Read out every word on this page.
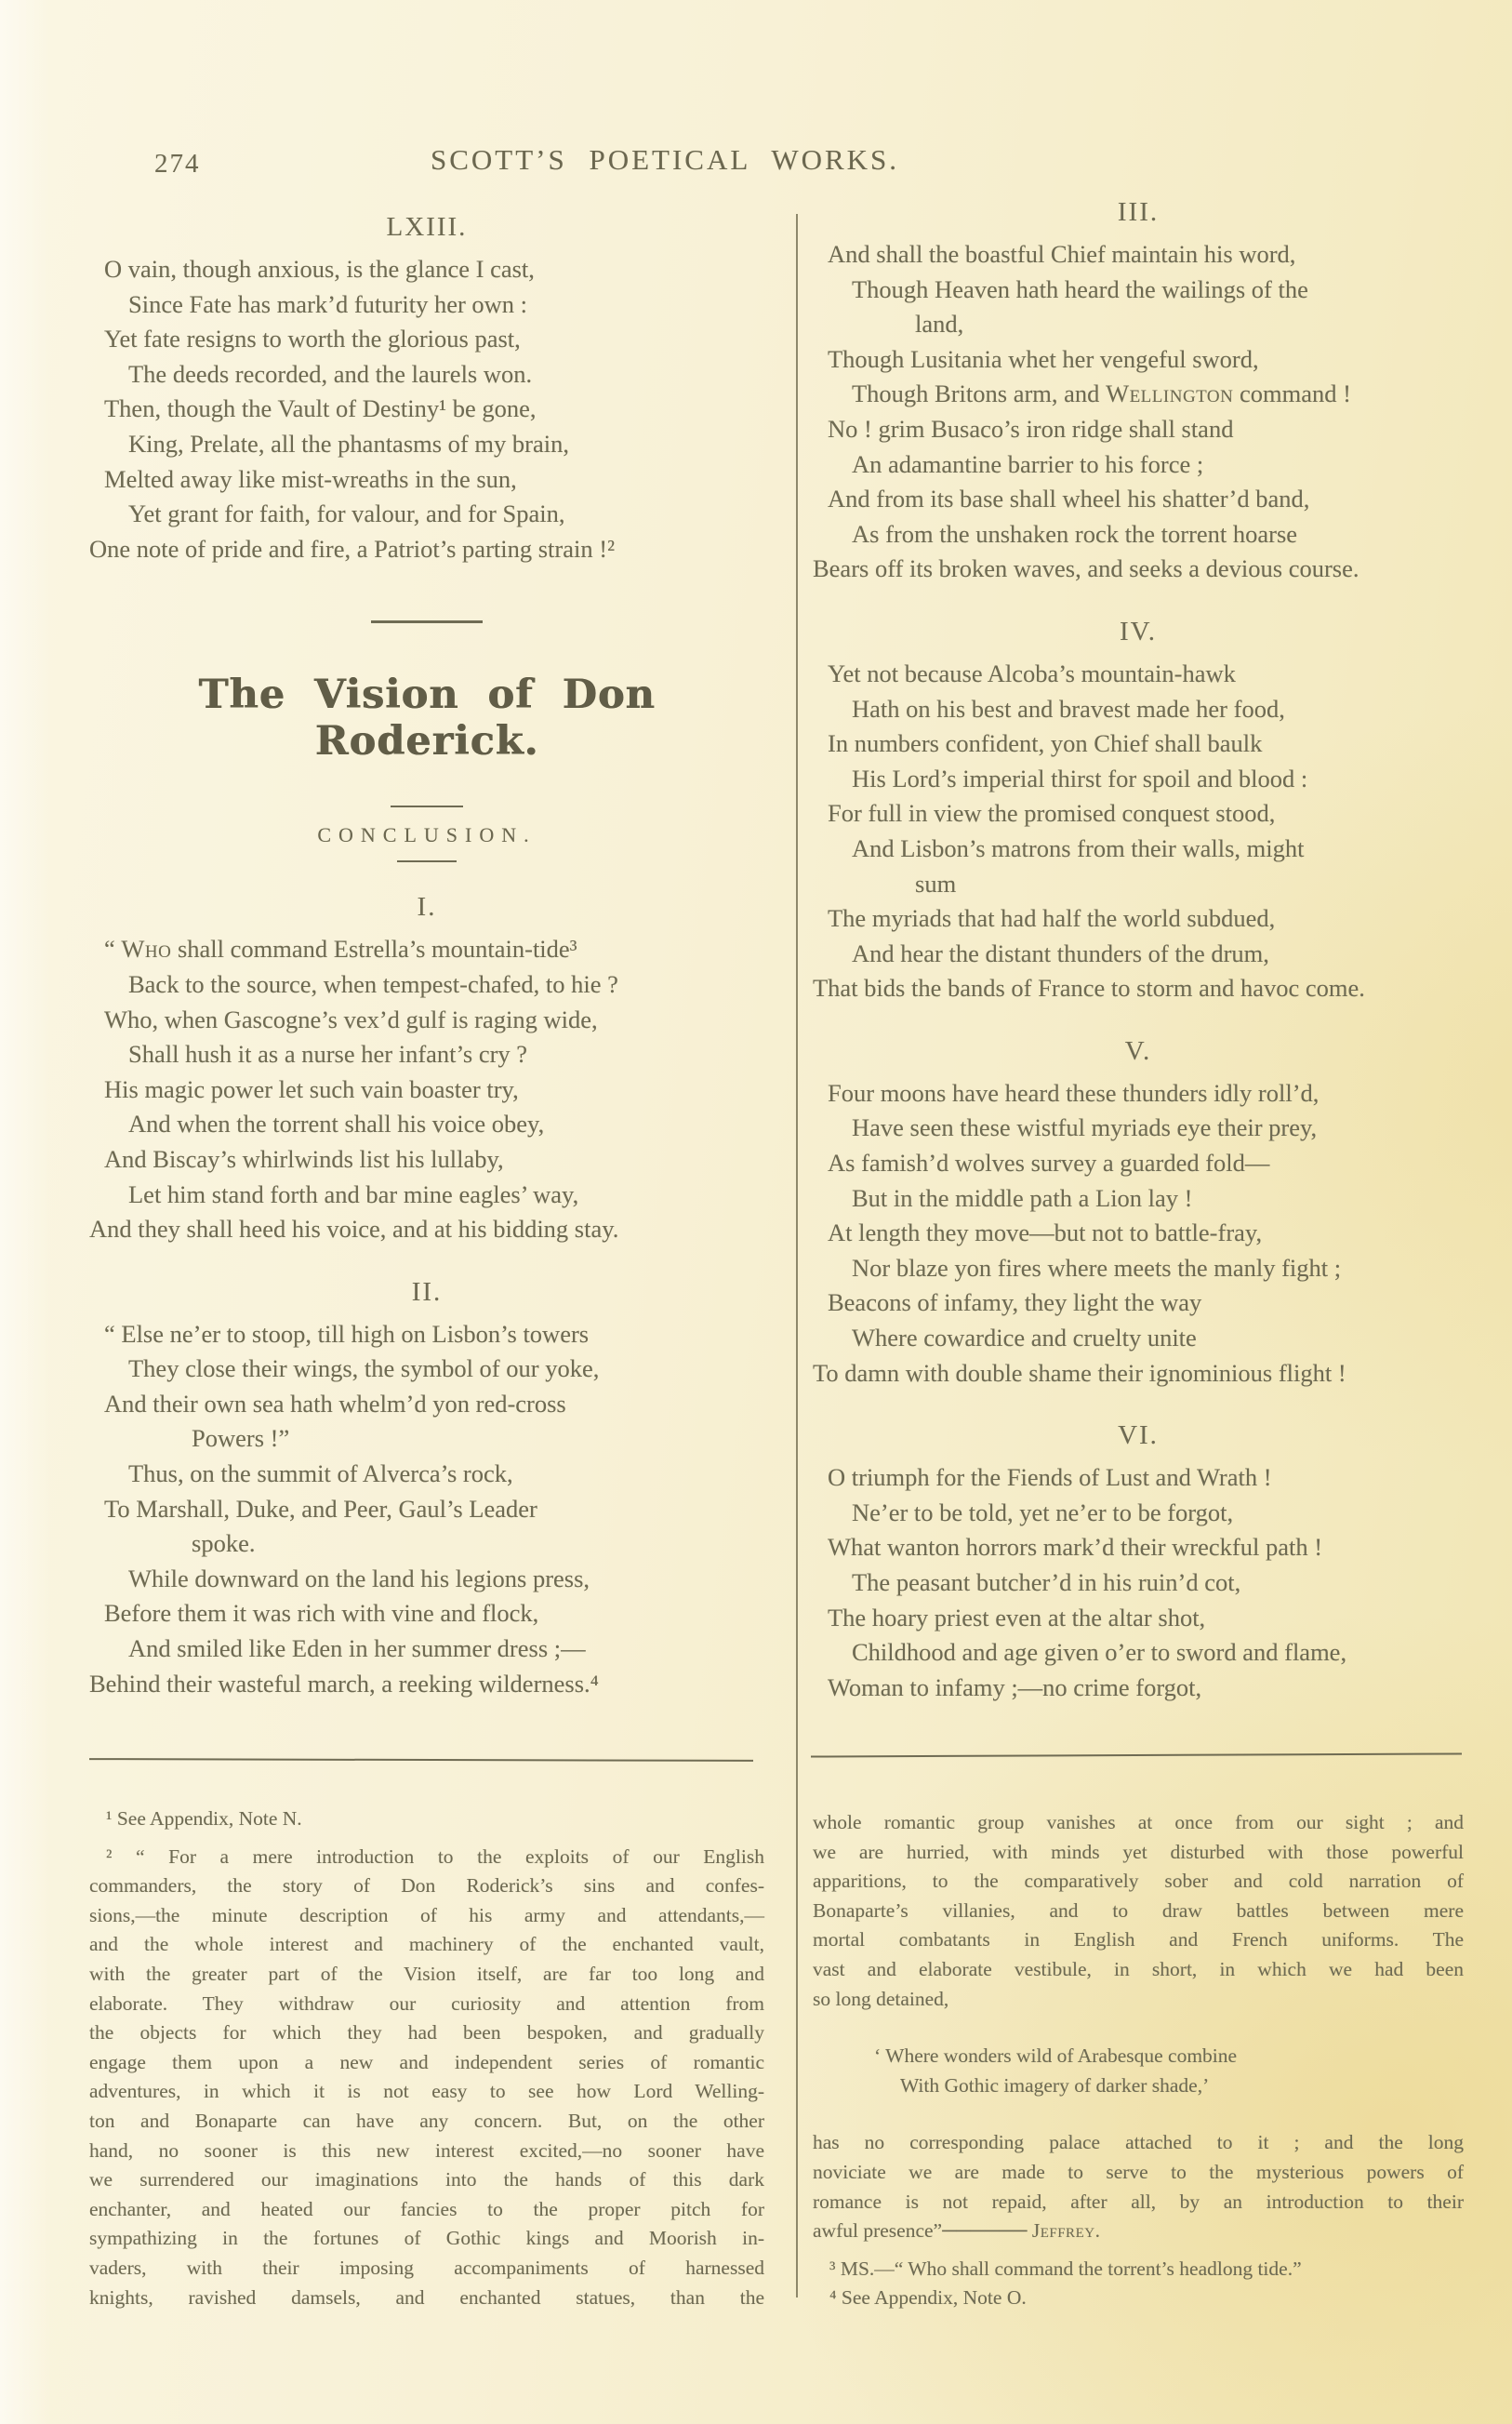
274	SCOTT’S POETICAL WORKS.
LXIII.
O vain, though anxious, is the glance I cast,
Since Fate has mark’d futurity her own :
Yet fate resigns to worth the glorious past,
The deeds recorded, and the laurels won.
Then, though the Vault of Destiny¹ be gone,
King, Prelate, all the phantasms of my brain,
Melted away like mist-wreaths in the sun,
Yet grant for faith, for valour, and for Spain,
One note of pride and fire, a Patriot’s parting strain !²
The Vision of Don Roderick.
CONCLUSION.
I.
“ Who shall command Estrella’s mountain-tide³
Back to the source, when tempest-chafed, to hie ?
Who, when Gascogne’s vex’d gulf is raging wide,
Shall hush it as a nurse her infant’s cry ?
His magic power let such vain boaster try,
And when the torrent shall his voice obey,
And Biscay’s whirlwinds list his lullaby,
Let him stand forth and bar mine eagles’ way,
And they shall heed his voice, and at his bidding stay.
II.
“ Else ne’er to stoop, till high on Lisbon’s towers
They close their wings, the symbol of our yoke,
And their own sea hath whelm’d yon red-cross
Powers !”
Thus, on the summit of Alverca’s rock,
To Marshall, Duke, and Peer, Gaul’s Leader
spoke.
While downward on the land his legions press,
Before them it was rich with vine and flock,
And smiled like Eden in her summer dress ;—
Behind their wasteful march, a reeking wilderness.⁴
III.
And shall the boastful Chief maintain his word,
Though Heaven hath heard the wailings of the
land,
Though Lusitania whet her vengeful sword,
Though Britons arm, and Wellington command !
No ! grim Busaco’s iron ridge shall stand
An adamantine barrier to his force ;
And from its base shall wheel his shatter’d band,
As from the unshaken rock the torrent hoarse
Bears off its broken waves, and seeks a devious course.
IV.
Yet not because Alcoba’s mountain-hawk
Hath on his best and bravest made her food,
In numbers confident, yon Chief shall baulk
His Lord’s imperial thirst for spoil and blood :
For full in view the promised conquest stood,
And Lisbon’s matrons from their walls, might
sum
The myriads that had half the world subdued,
And hear the distant thunders of the drum,
That bids the bands of France to storm and havoc come.
V.
Four moons have heard these thunders idly roll’d,
Have seen these wistful myriads eye their prey,
As famish’d wolves survey a guarded fold—
But in the middle path a Lion lay !
At length they move—but not to battle-fray,
Nor blaze yon fires where meets the manly fight ;
Beacons of infamy, they light the way
Where cowardice and cruelty unite
To damn with double shame their ignominious flight !
VI.
O triumph for the Fiends of Lust and Wrath !
Ne’er to be told, yet ne’er to be forgot,
What wanton horrors mark’d their wreckful path !
The peasant butcher’d in his ruin’d cot,
The hoary priest even at the altar shot,
Childhood and age given o’er to sword and flame,
Woman to infamy ;—no crime forgot,
¹ See Appendix, Note N.
² “ For a mere introduction to the exploits of our English
commanders, the story of Don Roderick’s sins and confes-
sions,—the minute description of his army and attendants,—
and the whole interest and machinery of the enchanted vault,
with the greater part of the Vision itself, are far too long and
elaborate. They withdraw our curiosity and attention from
the objects for which they had been bespoken, and gradually
engage them upon a new and independent series of romantic
adventures, in which it is not easy to see how Lord Welling-
ton and Bonaparte can have any concern. But, on the other
hand, no sooner is this new interest excited,—no sooner have
we surrendered our imaginations into the hands of this dark
enchanter, and heated our fancies to the proper pitch for
sympathizing in the fortunes of Gothic kings and Moorish in-
vaders, with their imposing accompaniments of harnessed
knights, ravished damsels, and enchanted statues, than the
whole romantic group vanishes at once from our sight ; and
we are hurried, with minds yet disturbed with those powerful
apparitions, to the comparatively sober and cold narration of
Bonaparte’s villanies, and to draw battles between mere
mortal combatants in English and French uniforms. The
vast and elaborate vestibule, in short, in which we had been
so long detained,
‘ Where wonders wild of Arabesque combine
With Gothic imagery of darker shade,’
has no corresponding palace attached to it ; and the long
noviciate we are made to serve to the mysterious powers of
romance is not repaid, after all, by an introduction to their
awful presence”────── Jeffrey.
³ MS.—“ Who shall command the torrent’s headlong tide.”
⁴ See Appendix, Note O.
